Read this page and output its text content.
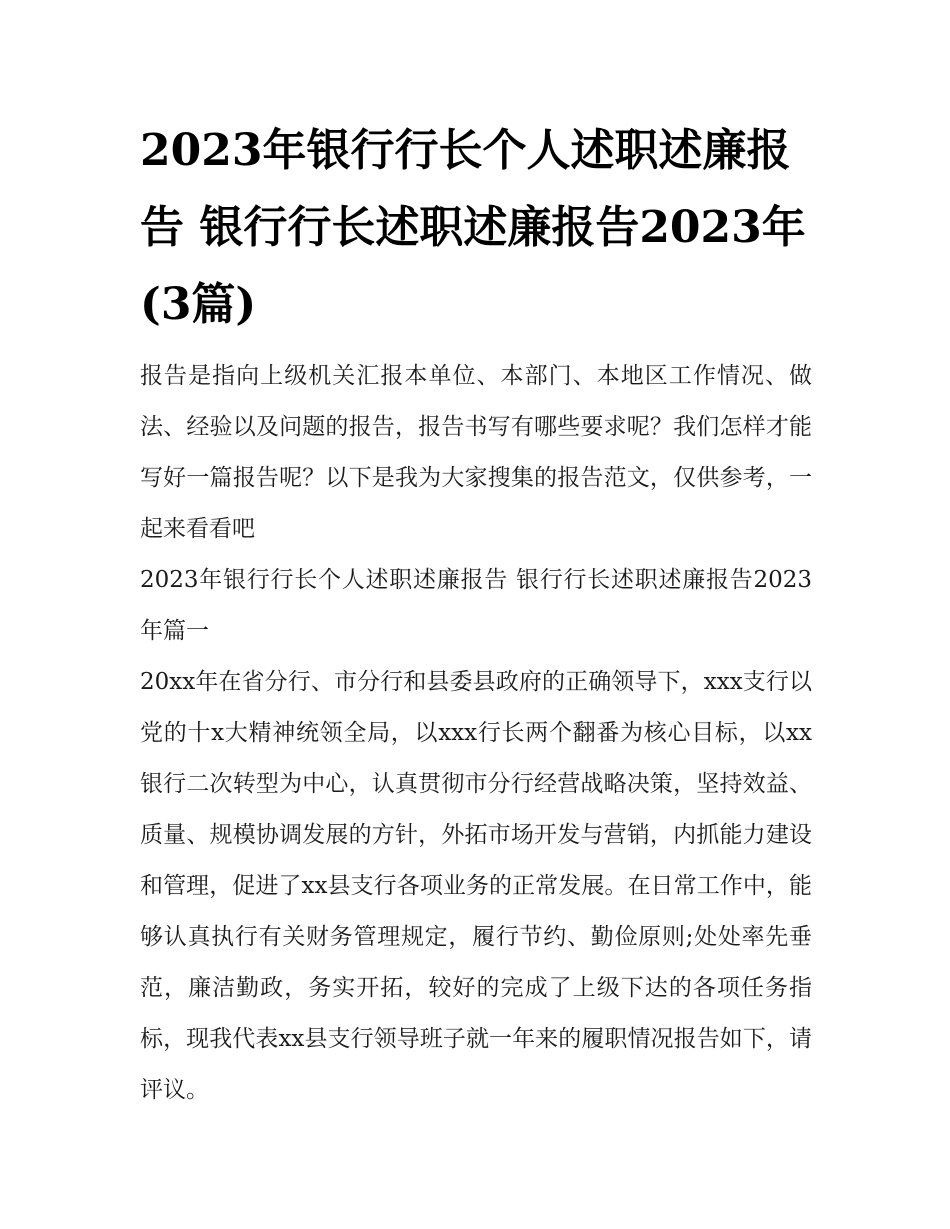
2023年银行行长个人述职述廉报告 银行行长述职述廉报告2023年(3篇)

报告是指向上级机关汇报本单位、本部门、本地区工作情况、做法、经验以及问题的报告，报告书写有哪些要求呢？我们怎样才能写好一篇报告呢？以下是我为大家搜集的报告范文，仅供参考，一起来看看吧

2023年银行行长个人述职述廉报告 银行行长述职述廉报告2023年篇一

20xx年在省分行、市分行和县委县政府的正确领导下，xxx支行以党的十x大精神统领全局，以xxx行长两个翻番为核心目标，以xx银行二次转型为中心，认真贯彻市分行经营战略决策，坚持效益、质量、规模协调发展的方针，外拓市场开发与营销，内抓能力建设和管理，促进了xx县支行各项业务的正常发展。在日常工作中，能够认真执行有关财务管理规定，履行节约、勤俭原则;处处率先垂范，廉洁勤政，务实开拓，较好的完成了上级下达的各项任务指标，现我代表xx县支行领导班子就一年来的履职情况报告如下，请评议。
